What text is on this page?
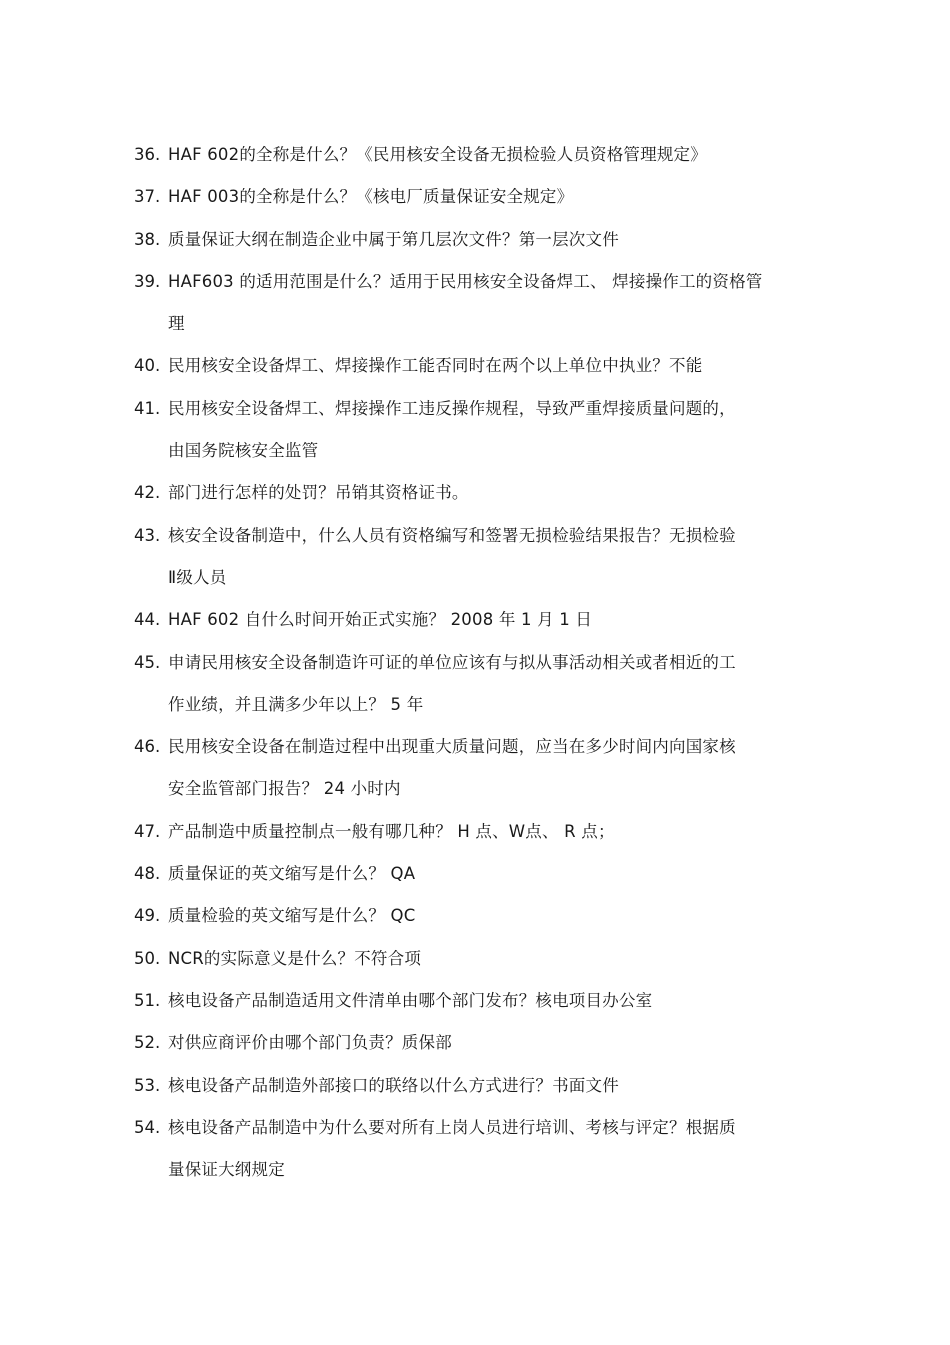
36. HAF 602的全称是什么？《民用核安全设备无损检验人员资格管理规定》
37. HAF 003的全称是什么？《核电厂质量保证安全规定》
38. 质量保证大纲在制造企业中属于第几层次文件？第一层次文件
39. HAF603 的适用范围是什么？适用于民用核安全设备焊工、 焊接操作工的资格管
理
40. 民用核安全设备焊工、焊接操作工能否同时在两个以上单位中执业？不能
41. 民用核安全设备焊工、焊接操作工违反操作规程，导致严重焊接质量问题的，
由国务院核安全监管
42. 部门进行怎样的处罚？吊销其资格证书。
43. 核安全设备制造中，什么人员有资格编写和签署无损检验结果报告？无损检验
Ⅱ级人员
44. HAF 602 自什么时间开始正式实施？ 2008 年 1 月 1 日
45. 申请民用核安全设备制造许可证的单位应该有与拟从事活动相关或者相近的工
作业绩，并且满多少年以上？ 5 年
46. 民用核安全设备在制造过程中出现重大质量问题，应当在多少时间内向国家核
安全监管部门报告？ 24 小时内
47. 产品制造中质量控制点一般有哪几种？ H 点、W点、 R 点；
48. 质量保证的英文缩写是什么？ QA
49. 质量检验的英文缩写是什么？ QC
50. NCR的实际意义是什么？不符合项
51. 核电设备产品制造适用文件清单由哪个部门发布？核电项目办公室
52. 对供应商评价由哪个部门负责？质保部
53. 核电设备产品制造外部接口的联络以什么方式进行？书面文件
54. 核电设备产品制造中为什么要对所有上岗人员进行培训、考核与评定？根据质
量保证大纲规定
